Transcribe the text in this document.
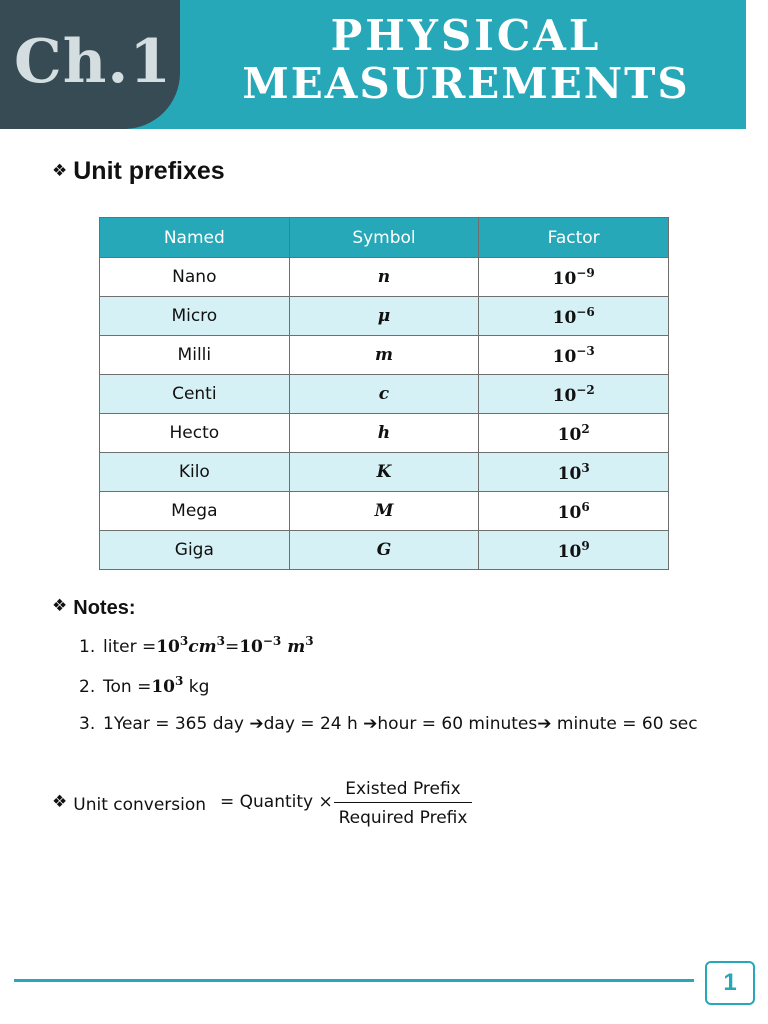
Ch.1	PHYSICAL
MEASUREMENTS
❖ Unit prefixes
Named	Symbol	Factor
Nano	n	$10^{-9}$
Micro	μ	$10^{-6}$
Milli	m	$10^{-3}$
Centi	c	$10^{-2}$
Hecto	h	$10^2$
Kilo	K	$10^3$
Mega	M	$10^6$
Giga	G	$10^9$
❖ Notes:
1. liter $=10^3cm^3=10^{-3}$ $m^3$
2. Ton $=10^3$ kg
3. 1Year = 365 day ➔day = 24 h ➔hour = 60 minutes➔ minute = 60 sec
❖ Unit conversion = Quantity ×
Existed Prefix
Required Prefix
1
